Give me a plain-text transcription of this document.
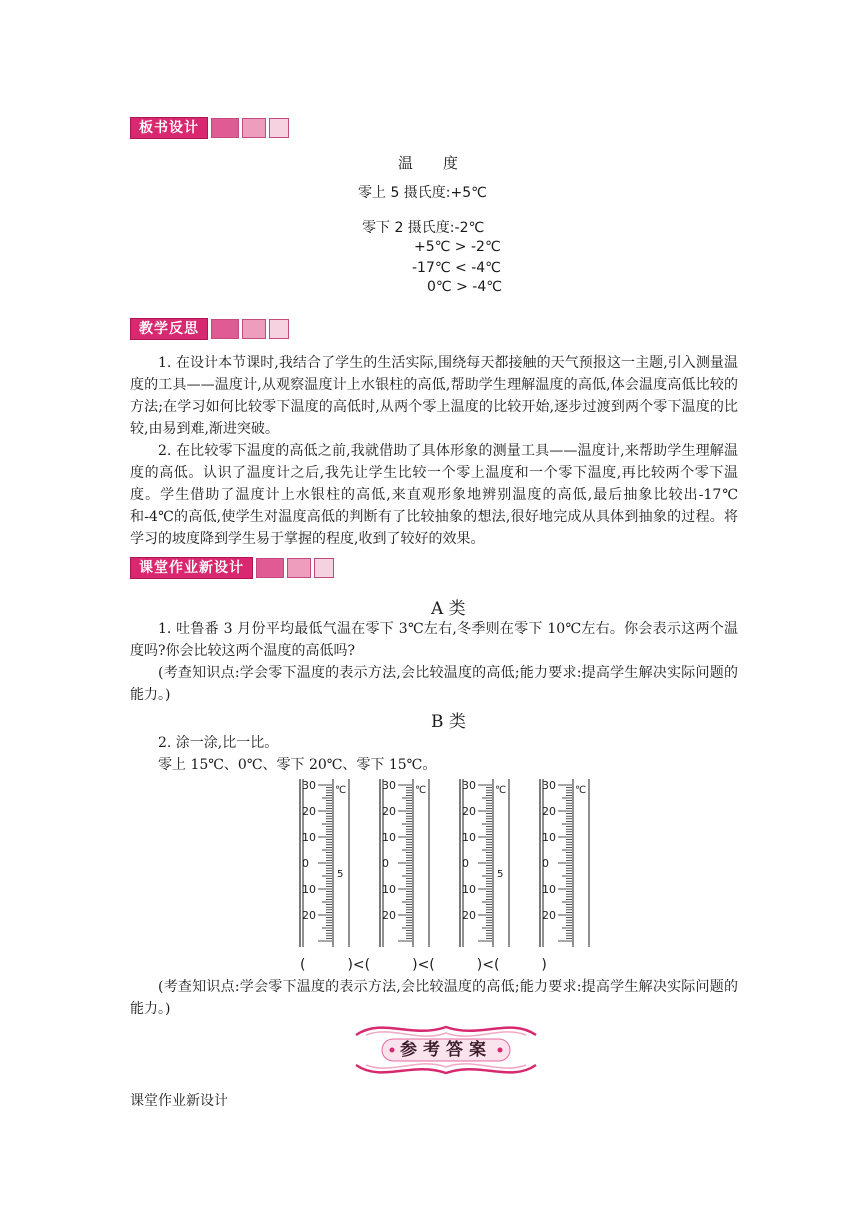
板书设计
温　　度
零上 5 摄氏度:+5℃
零下 2 摄氏度:-2℃
+5℃ > -2℃
-17℃ < -4℃
0℃ > -4℃
教学反思
1. 在设计本节课时,我结合了学生的生活实际,围绕每天都接触的天气预报这一主题,引入测量温度的工具——温度计,从观察温度计上水银柱的高低,帮助学生理解温度的高低,体会温度高低比较的方法;在学习如何比较零下温度的高低时,从两个零上温度的比较开始,逐步过渡到两个零下温度的比较,由易到难,渐进突破。
2. 在比较零下温度的高低之前,我就借助了具体形象的测量工具——温度计,来帮助学生理解温度的高低。认识了温度计之后,我先让学生比较一个零上温度和一个零下温度,再比较两个零下温度。学生借助了温度计上水银柱的高低,来直观形象地辨别温度的高低,最后抽象比较出-17℃和-4℃的高低,使学生对温度高低的判断有了比较抽象的想法,很好地完成从具体到抽象的过程。将学习的坡度降到学生易于掌握的程度,收到了较好的效果。
课堂作业新设计
A 类
1. 吐鲁番 3 月份平均最低气温在零下 3℃左右,冬季则在零下 10℃左右。你会表示这两个温度吗?你会比较这两个温度的高低吗?
(考查知识点:学会零下温度的表示方法,会比较温度的高低;能力要求:提高学生解决实际问题的能力。)
B 类
2. 涂一涂,比一比。
零上 15℃、0℃、零下 20℃、零下 15℃。
30
20
10
0
10
20
℃
5
30
20
10
0
10
20
℃	30
20
10
0
10
20
℃
5
30
20
10
0
10
20
℃
(　　　)<(　　　)<(　　　)<(　　　)
(考查知识点:学会零下温度的表示方法,会比较温度的高低;能力要求:提高学生解决实际问题的能力。)
参考答案
课堂作业新设计
